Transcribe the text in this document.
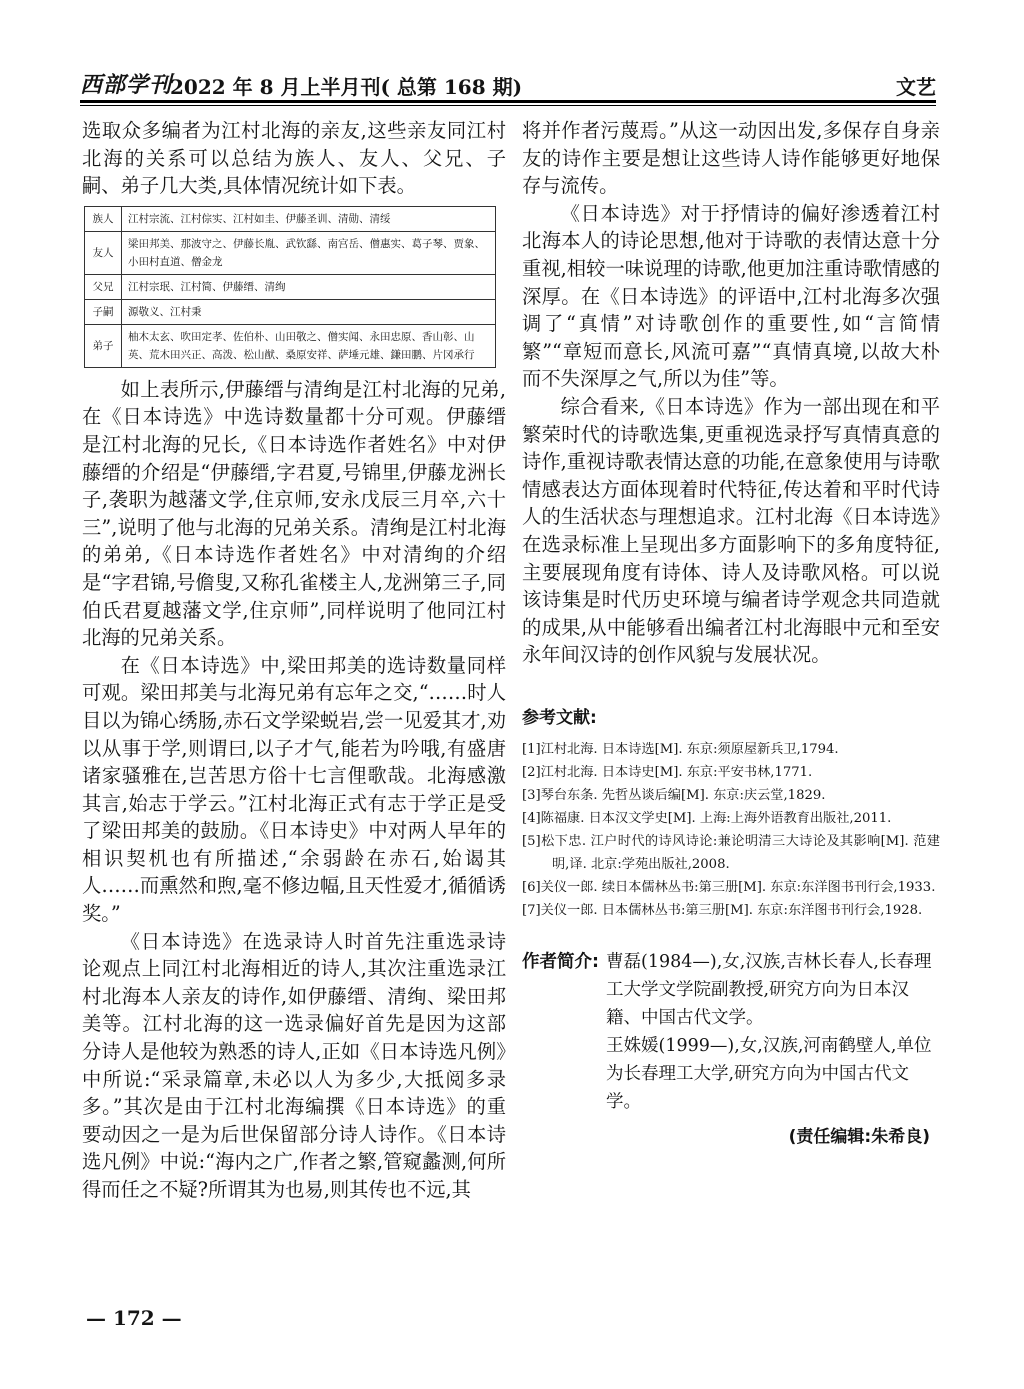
西部学刊
2022 年 8 月上半月刊( 总第 168 期)	文艺

选取众多编者为江村北海的亲友,这些亲友同江村北海的关系可以总结为族人、友人、父兄、子嗣、弟子几大类,具体情况统计如下表。

族人	江村宗流、江村倧实、江村如圭、伊藤圣训、清勋、清绥
友人	梁田邦美、那波守之、伊藤长胤、武钦繇、南宫岳、僧惠实、葛子琴、贾象、小田村直道、僧金龙
父兄	江村宗珉、江村简、伊藤缙、清绚
子嗣	源敬义、江村秉
弟子	柚木太玄、吹田定孝、佐伯朴、山田敬之、僧实闻、永田忠原、香山彰、山英、荒木田兴正、高泼、松山猷、桑原安祥、萨埵元雄、鎌田鹏、片冈承行

如上表所示,伊藤缙与清绚是江村北海的兄弟,在《日本诗选》中选诗数量都十分可观。伊藤缙是江村北海的兄长,《日本诗选作者姓名》中对伊藤缙的介绍是“伊藤缙,字君夏,号锦里,伊藤龙洲长子,袭职为越藩文学,住京师,安永戊辰三月卒,六十三”,说明了他与北海的兄弟关系。清绚是江村北海的弟弟,《日本诗选作者姓名》中对清绚的介绍是“字君锦,号儋叟,又称孔雀楼主人,龙洲第三子,同伯氏君夏越藩文学,住京师”,同样说明了他同江村北海的兄弟关系。

在《日本诗选》中,梁田邦美的选诗数量同样可观。梁田邦美与北海兄弟有忘年之交,“……时人目以为锦心绣肠,赤石文学梁蜕岩,尝一见爱其才,劝以从事于学,则谓曰,以子才气,能若为吟哦,有盛唐诸家骚雅在,岂苦思方俗十七言俚歌哉。北海感激其言,始志于学云。”江村北海正式有志于学正是受了梁田邦美的鼓励。《日本诗史》中对两人早年的相识契机也有所描述,“余弱龄在赤石,始谒其人……而熏然和煦,毫不修边幅,且天性爱才,循循诱奖。”

《日本诗选》在选录诗人时首先注重选录诗论观点上同江村北海相近的诗人,其次注重选录江村北海本人亲友的诗作,如伊藤缙、清绚、梁田邦美等。江村北海的这一选录偏好首先是因为这部分诗人是他较为熟悉的诗人,正如《日本诗选凡例》中所说:“采录篇章,未必以人为多少,大抵阅多录多。”其次是由于江村北海编撰《日本诗选》的重要动因之一是为后世保留部分诗人诗作。《日本诗选凡例》中说:“海内之广,作者之繁,管窥蠡测,何所得而任之不疑?所谓其为也易,则其传也不远,其

将并作者污蔑焉。”从这一动因出发,多保存自身亲友的诗作主要是想让这些诗人诗作能够更好地保存与流传。

《日本诗选》对于抒情诗的偏好渗透着江村北海本人的诗论思想,他对于诗歌的表情达意十分重视,相较一味说理的诗歌,他更加注重诗歌情感的深厚。在《日本诗选》的评语中,江村北海多次强调了“真情”对诗歌创作的重要性,如“言简情繁”“章短而意长,风流可嘉”“真情真境,以故大朴而不失深厚之气,所以为佳”等。

综合看来,《日本诗选》作为一部出现在和平繁荣时代的诗歌选集,更重视选录抒写真情真意的诗作,重视诗歌表情达意的功能,在意象使用与诗歌情感表达方面体现着时代特征,传达着和平时代诗人的生活状态与理想追求。江村北海《日本诗选》在选录标准上呈现出多方面影响下的多角度特征,主要展现角度有诗体、诗人及诗歌风格。可以说该诗集是时代历史环境与编者诗学观念共同造就的成果,从中能够看出编者江村北海眼中元和至安永年间汉诗的创作风貌与发展状况。

参考文献:
[1]江村北海. 日本诗选[M]. 东京:须原屋新兵卫,1794.
[2]江村北海. 日本诗史[M]. 东京:平安书林,1771.
[3]琴台东条. 先哲丛谈后编[M]. 东京:庆云堂,1829.
[4]陈福康. 日本汉文学史[M]. 上海:上海外语教育出版社,2011.
[5]松下忠. 江户时代的诗风诗论:兼论明清三大诗论及其影响[M]. 范建明,译. 北京:学苑出版社,2008.
[6]关仪一郎. 续日本儒林丛书:第三册[M]. 东京:东洋图书刊行会,1933.
[7]关仪一郎. 日本儒林丛书:第三册[M]. 东京:东洋图书刊行会,1928.
作者简介: 曹磊(1984—),女,汉族,吉林长春人,长春理工大学文学院副教授,研究方向为日本汉籍、中国古代文学。
王姝媛(1999—),女,汉族,河南鹤壁人,单位为长春理工大学,研究方向为中国古代文学。
(责任编辑:朱希良)
— 172 —
